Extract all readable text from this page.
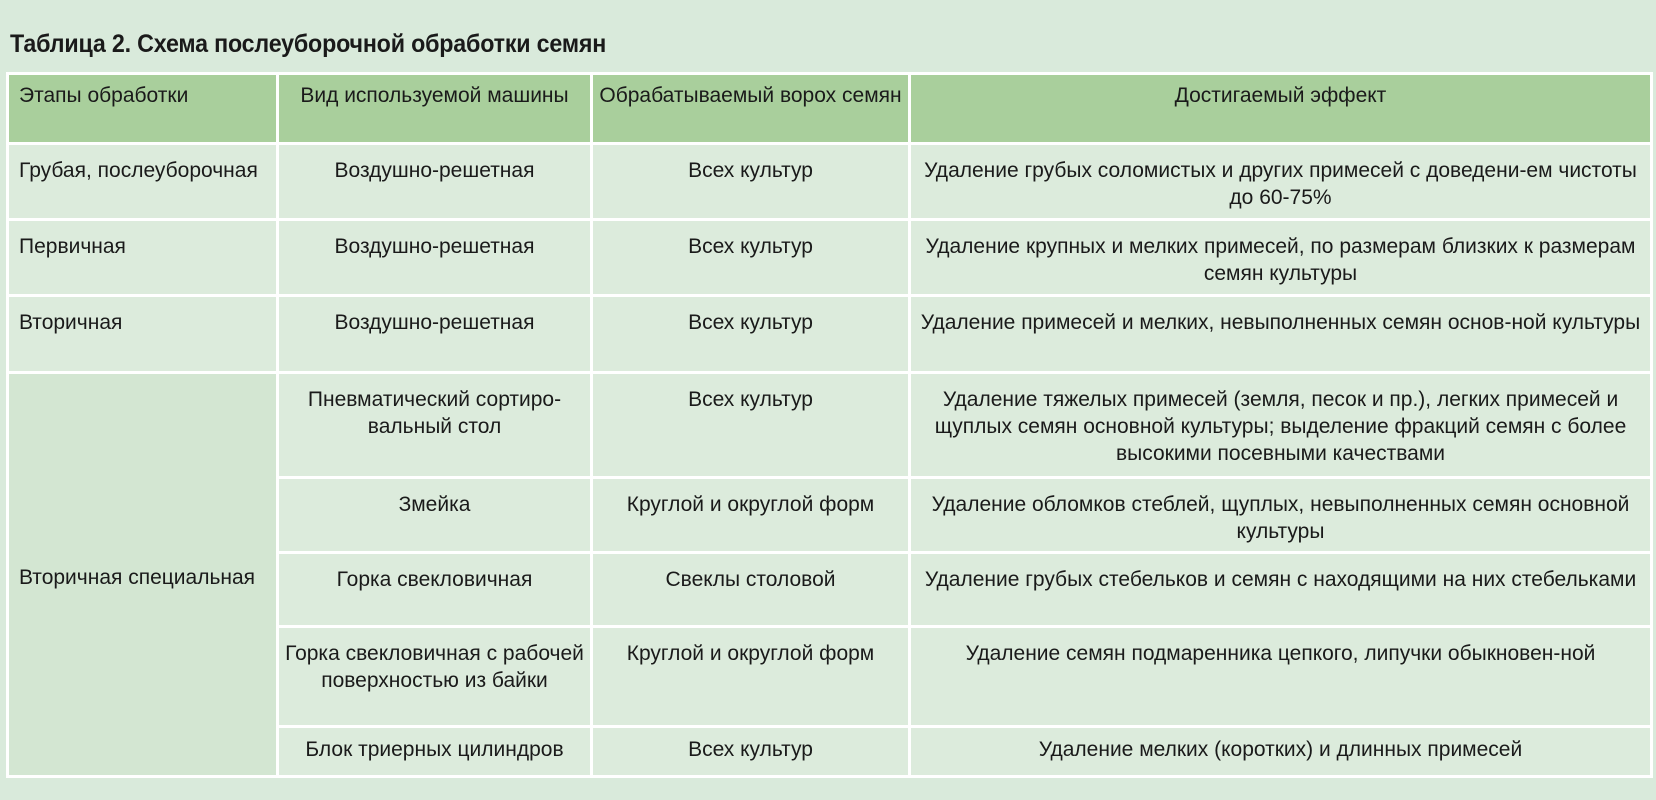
Таблица 2. Схема послеуборочной обработки семян
Этапы обработки	Вид используемой машины	Обрабатываемый ворох семян	Достигаемый эффект
Грубая, послеуборочная	Воздушно-решетная	Всех культур	Удаление грубых соломистых и других примесей с доведени-ем чистоты до 60-75%
Первичная	Воздушно-решетная	Всех культур	Удаление крупных и мелких примесей, по размерам близких к размерам семян культуры
Вторичная	Воздушно-решетная	Всех культур	Удаление примесей и мелких, невыполненных семян основ-ной культуры
Вторичная специальная	Пневматический сортиро-вальный стол	Всех культур	Удаление тяжелых примесей (земля, песок и пр.), легких примесей и щуплых семян основной культуры; выделение фракций семян с более высокими посевными качествами
	Змейка	Круглой и округлой форм	Удаление обломков стеблей, щуплых, невыполненных семян основной культуры
	Горка свекловичная	Свеклы столовой	Удаление грубых стебельков и семян с находящими на них стебельками
	Горка свекловичная с рабочей поверхностью из байки	Круглой и округлой форм	Удаление семян подмаренника цепкого, липучки обыкновен-ной
	Блок триерных цилиндров	Всех культур	Удаление мелких (коротких) и длинных примесей
